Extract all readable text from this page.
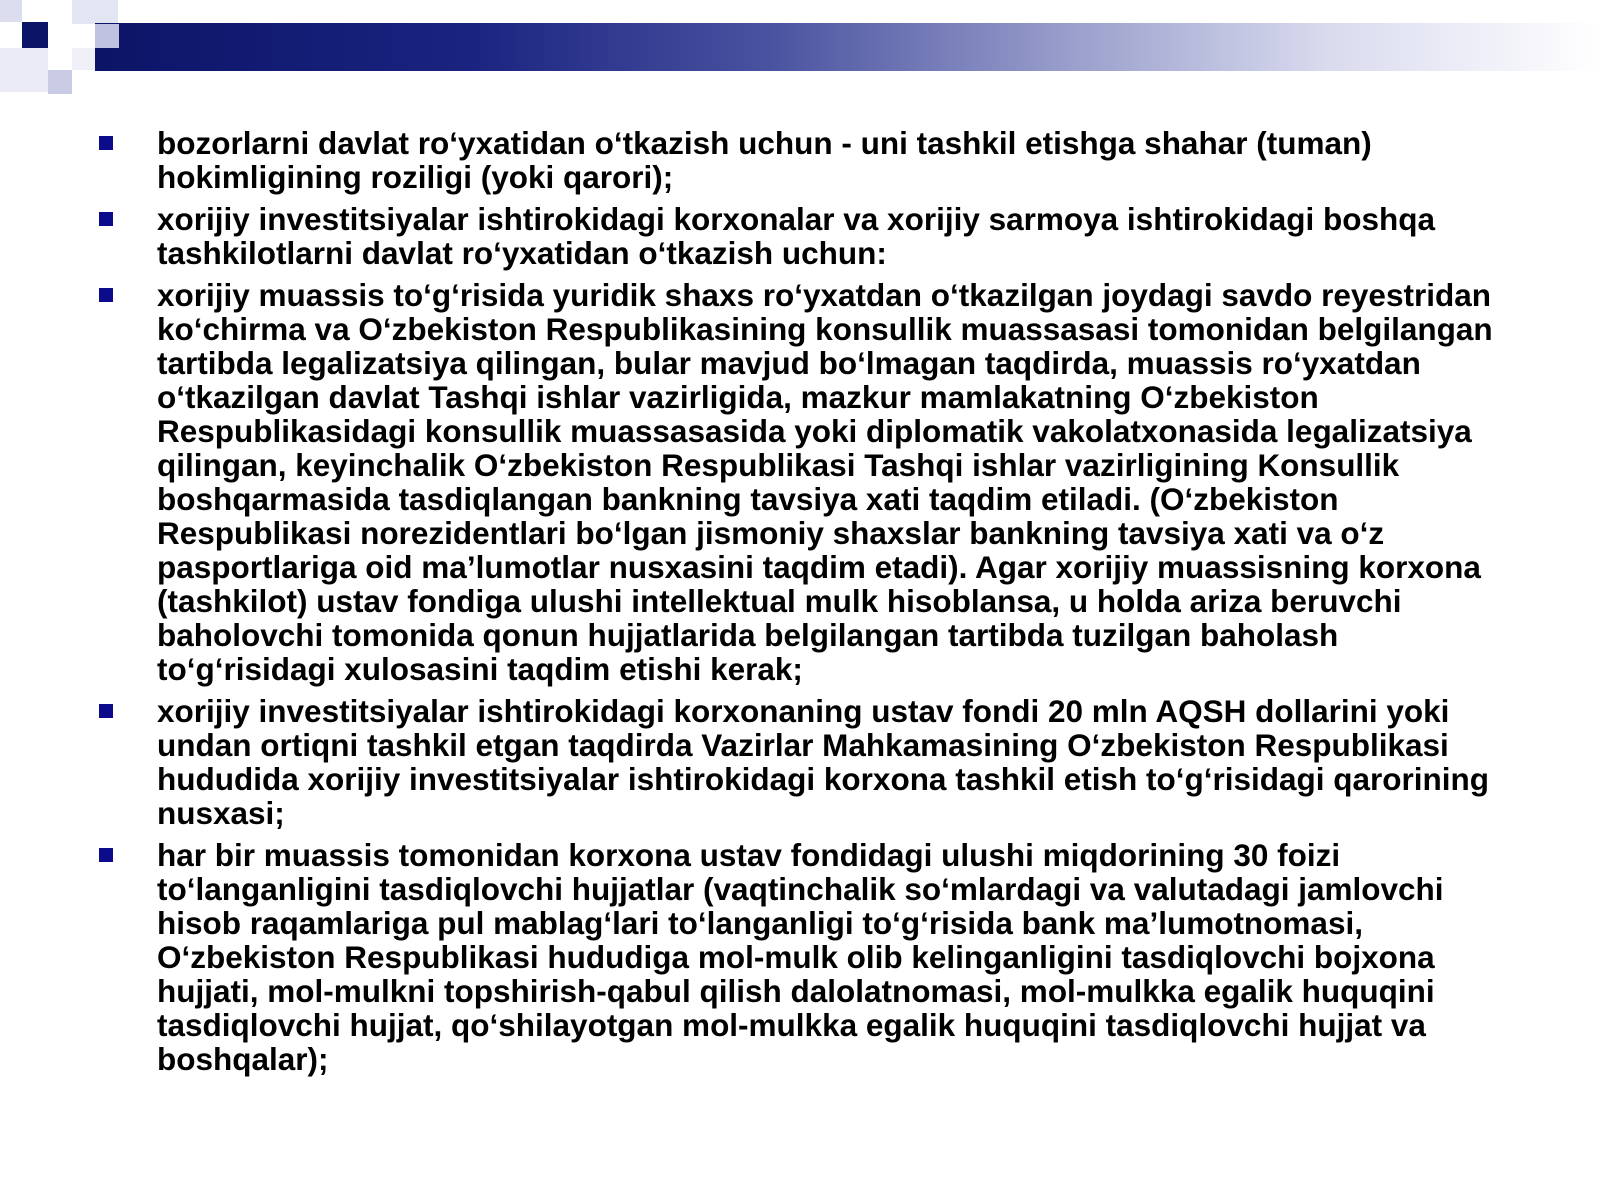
bozorlarni davlat ro‘yxatidan o‘tkazish uchun - uni tashkil etishga shahar (tuman) hokimligining roziligi (yoki qarori);
xorijiy investitsiyalar ishtirokidagi korxonalar va xorijiy sarmoya ishtirokidagi boshqa tashkilotlarni davlat ro‘yxatidan o‘tkazish uchun:
xorijiy muassis to‘g‘risida yuridik shaxs ro‘yxatdan o‘tkazilgan joydagi savdo reyestridan ko‘chirma va O‘zbekiston Respublikasining konsullik muassasasi tomonidan belgilangan tartibda legalizatsiya qilingan, bular mavjud bo‘lmagan taqdirda, muassis ro‘yxatdan o‘tkazilgan davlat Tashqi ishlar vazirligida, mazkur mamlakatning O‘zbekiston Respublikasidagi konsullik muassasasida yoki diplomatik vakolatxonasida legalizatsiya qilingan, keyinchalik O‘zbekiston Respublikasi Tashqi ishlar vazirligining Konsullik boshqarmasida tasdiqlangan bankning tavsiya xati taqdim etiladi. (O‘zbekiston Respublikasi norezidentlari bo‘lgan jismoniy shaxslar bankning tavsiya xati va o‘z pasportlariga oid ma’lumotlar nusxasini taqdim etadi). Agar xorijiy muassisning korxona (tashkilot) ustav fondiga ulushi intellektual mulk hisoblansa, u holda ariza beruvchi baholovchi tomonida qonun hujjatlarida belgilangan tartibda tuzilgan baholash to‘g‘risidagi xulosasini taqdim etishi kerak;
xorijiy investitsiyalar ishtirokidagi korxonaning ustav fondi 20 mln AQSH dollarini yoki undan ortiqni tashkil etgan taqdirda Vazirlar Mahkamasining O‘zbekiston Respublikasi hududida xorijiy investitsiyalar ishtirokidagi korxona tashkil etish to‘g‘risidagi qarorining nusxasi;
har bir muassis tomonidan korxona ustav fondidagi ulushi miqdorining 30 foizi to‘langanligini tasdiqlovchi hujjatlar (vaqtinchalik so‘mlardagi va valutadagi jamlovchi hisob raqamlariga pul mablag‘lari to‘langanligi to‘g‘risida bank ma’lumotnomasi, O‘zbekiston Respublikasi hududiga mol-mulk olib kelinganligini tasdiqlovchi bojxona hujjati, mol-mulkni topshirish-qabul qilish dalolatnomasi, mol-mulkka egalik huquqini tasdiqlovchi hujjat, qo‘shilayotgan mol-mulkka egalik huquqini tasdiqlovchi hujjat va boshqalar);
